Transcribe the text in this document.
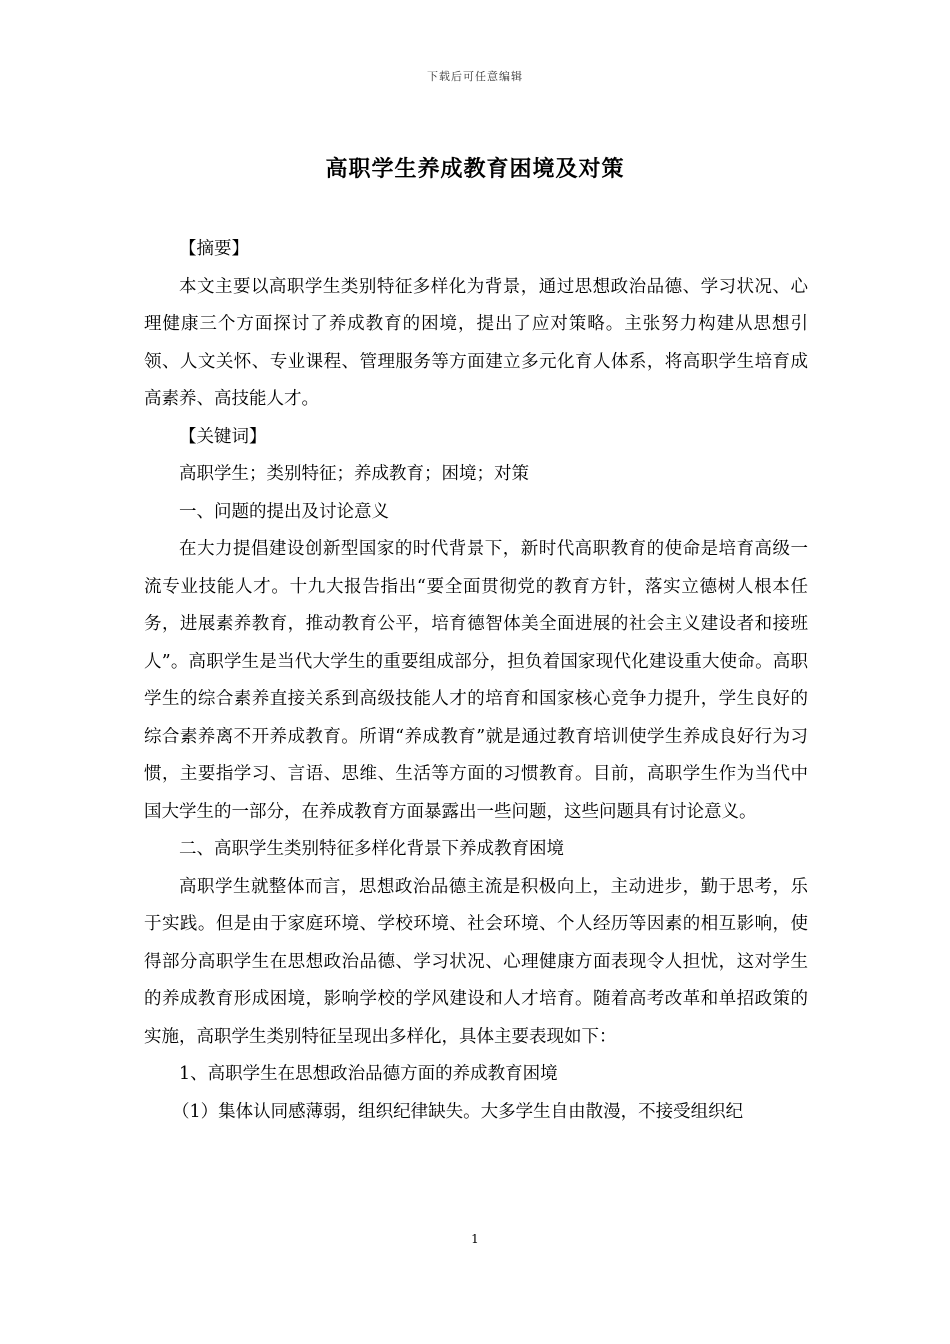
下载后可任意编辑
高职学生养成教育困境及对策

【摘要】

本文主要以高职学生类别特征多样化为背景，通过思想政治品德、学习状况、心理健康三个方面探讨了养成教育的困境，提出了应对策略。主张努力构建从思想引领、人文关怀、专业课程、管理服务等方面建立多元化育人体系，将高职学生培育成高素养、高技能人才。

【关键词】

高职学生；类别特征；养成教育；困境；对策

一、问题的提出及讨论意义

在大力提倡建设创新型国家的时代背景下，新时代高职教育的使命是培育高级一流专业技能人才。十九大报告指出“要全面贯彻党的教育方针，落实立德树人根本任务，进展素养教育，推动教育公平，培育德智体美全面进展的社会主义建设者和接班人”。高职学生是当代大学生的重要组成部分，担负着国家现代化建设重大使命。高职学生的综合素养直接关系到高级技能人才的培育和国家核心竞争力提升，学生良好的综合素养离不开养成教育。所谓“养成教育”就是通过教育培训使学生养成良好行为习惯，主要指学习、言语、思维、生活等方面的习惯教育。目前，高职学生作为当代中国大学生的一部分，在养成教育方面暴露出一些问题，这些问题具有讨论意义。

二、高职学生类别特征多样化背景下养成教育困境

高职学生就整体而言，思想政治品德主流是积极向上，主动进步，勤于思考，乐于实践。但是由于家庭环境、学校环境、社会环境、个人经历等因素的相互影响，使得部分高职学生在思想政治品德、学习状况、心理健康方面表现令人担忧，这对学生的养成教育形成困境，影响学校的学风建设和人才培育。随着高考改革和单招政策的实施，高职学生类别特征呈现出多样化，具体主要表现如下：

1、高职学生在思想政治品德方面的养成教育困境

（1）集体认同感薄弱，组织纪律缺失。大多学生自由散漫，不接受组织纪

1
